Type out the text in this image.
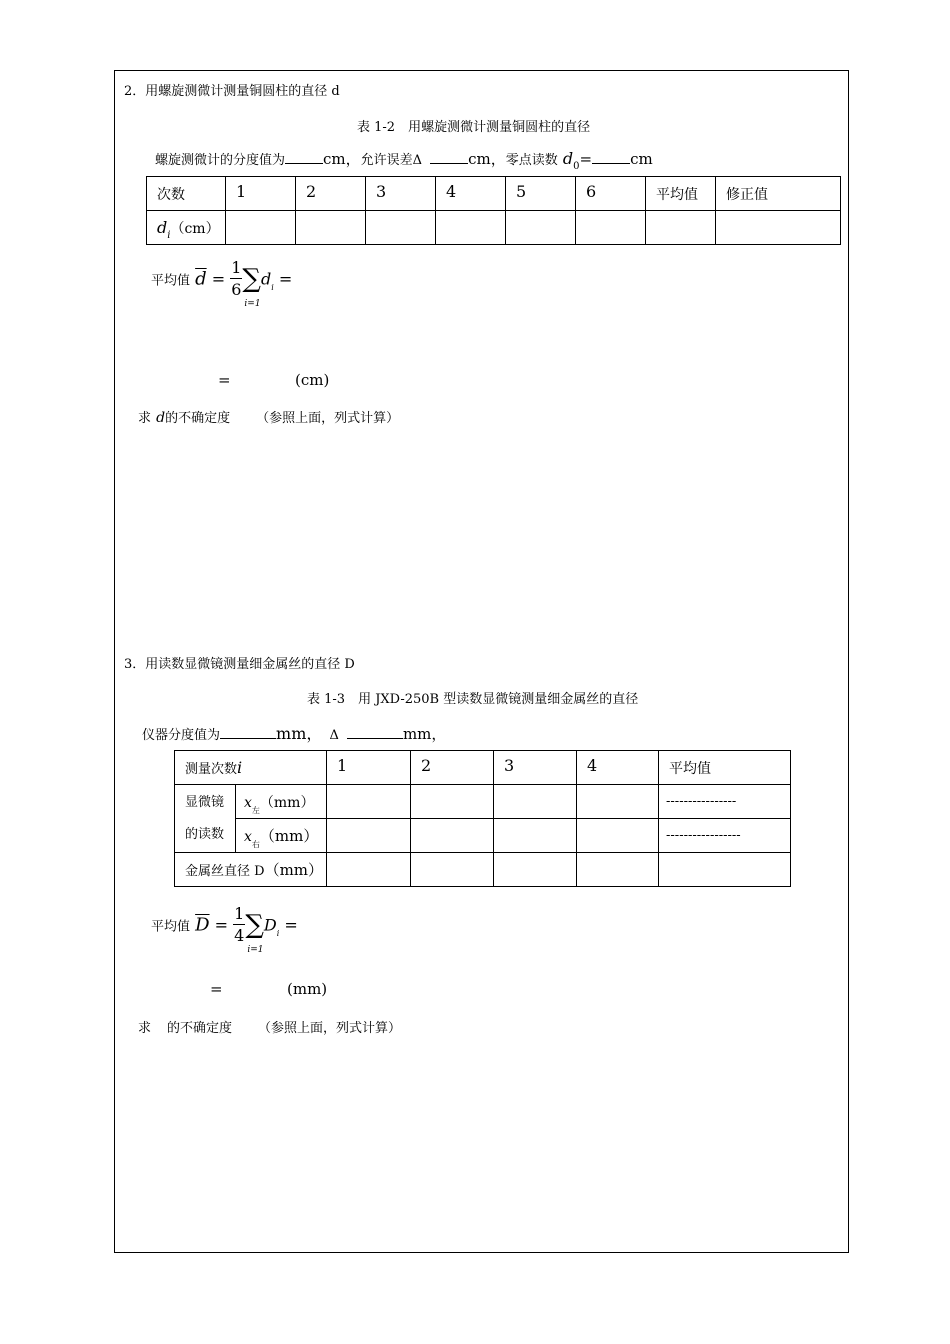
2．用螺旋测微计测量铜圆柱的直径 d
表 1-2　用螺旋测微计测量铜圆柱的直径
螺旋测微计的分度值为	cm，允许误差Δ	cm，零点读数 $d_0=$	cm
次数	1	2	3	4	5	6	平均值	修正值
$d_i(cm)$								
平均值 $\overline{d} = \frac{1}{6}$ ∑
i=1
$d_i$ =
=	(cm)
求 d的不确定度 （参照上面，列式计算）
3．用读数显微镜测量细金属丝的直径 D
表 1-3　用 JXD-250B 型读数显微镜测量细金属丝的直径
仪器分度值为	mm， Δ	mm，
测量次数i		1	2	3	4	平均值
显微镜
的读数	$x_左(mm)$					----------------
	$x_右(mm)$					-----------------
金属丝直径 D（mm）						
平均值 $\overline{D} = \frac{1}{4}$ ∑
i=1
$D_i$ =
=	(mm)
求 的不确定度 （参照上面，列式计算）
